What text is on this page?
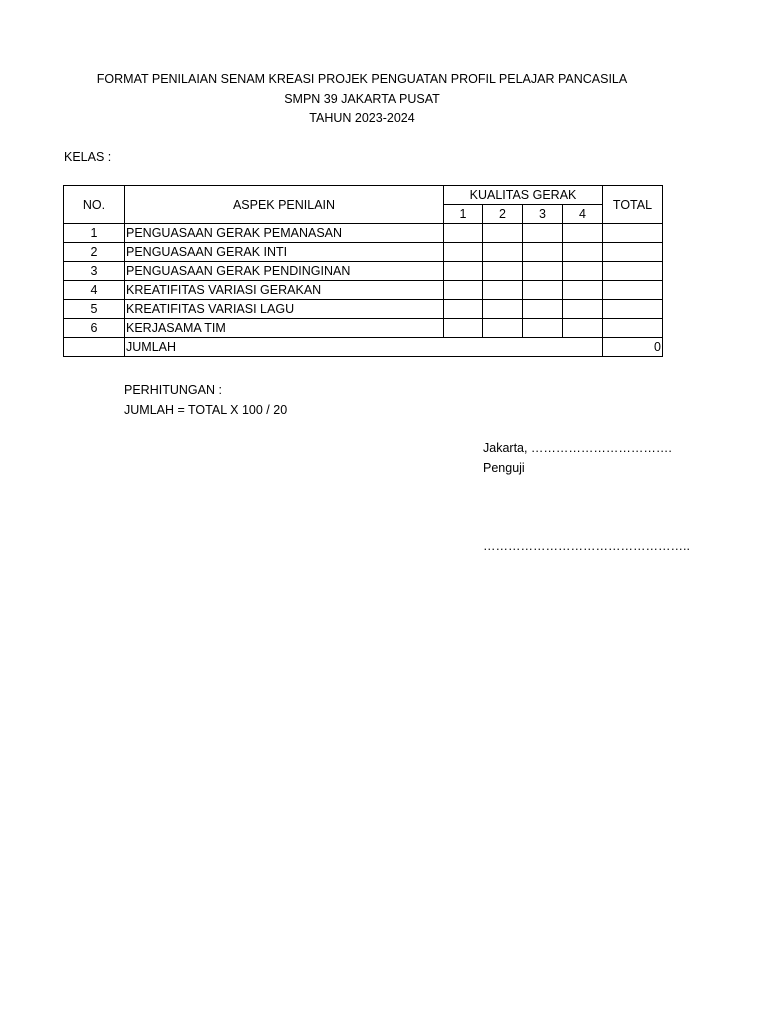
FORMAT PENILAIAN SENAM KREASI PROJEK PENGUATAN PROFIL PELAJAR PANCASILA
SMPN 39 JAKARTA PUSAT
TAHUN 2023-2024
KELAS :
NO.	ASPEK PENILAIN	KUALITAS GERAK				TOTAL
		1	2	3	4	
1	PENGUASAAN GERAK PEMANASAN					
2	PENGUASAAN GERAK INTI					
3	PENGUASAAN GERAK PENDINGINAN					
4	KREATIFITAS VARIASI GERAKAN					
5	KREATIFITAS VARIASI LAGU					
6	KERJASAMA TIM					
	JUMLAH					0
PERHITUNGAN :
JUMLAH = TOTAL X 100 / 20
Jakarta, …………………………….
Penguji
…………………………………………..
